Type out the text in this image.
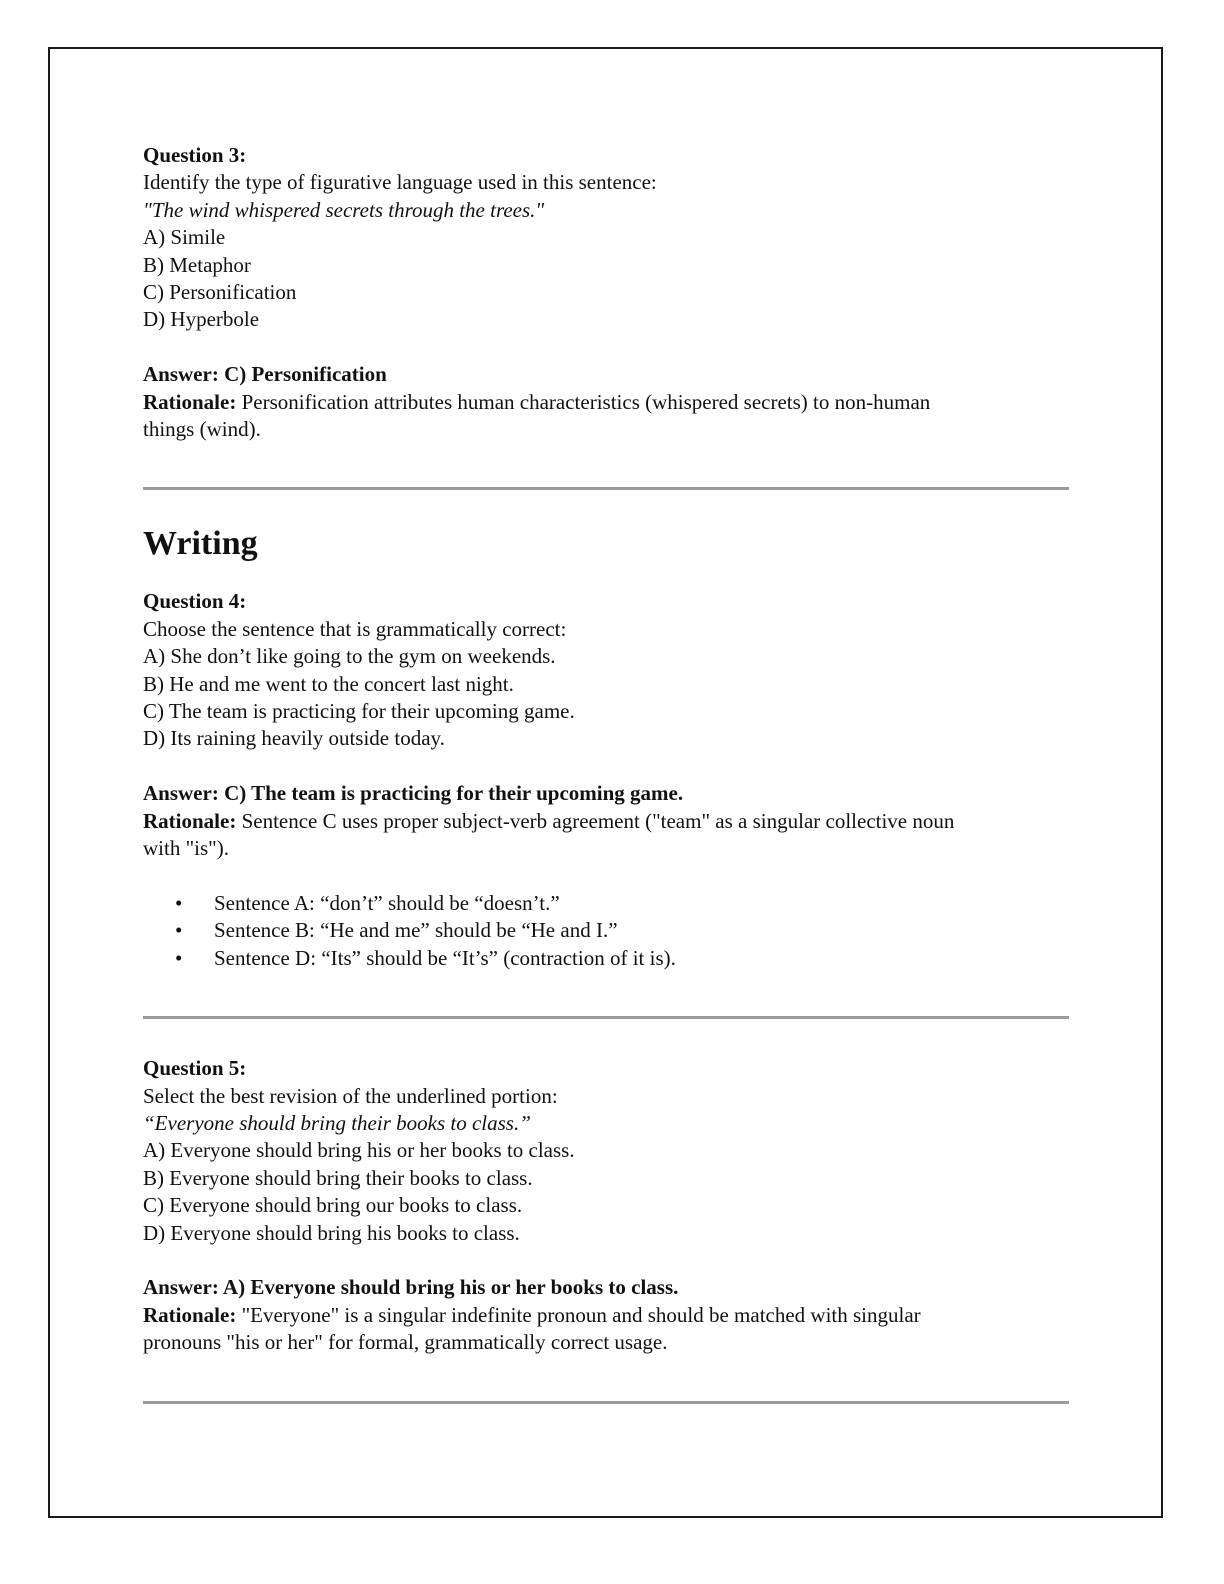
Question 3:
Identify the type of figurative language used in this sentence:
"The wind whispered secrets through the trees."
A) Simile
B) Metaphor
C) Personification
D) Hyperbole
Answer: C) Personification
Rationale: Personification attributes human characteristics (whispered secrets) to non-human
things (wind).
Writing
Question 4:
Choose the sentence that is grammatically correct:
A) She don’t like going to the gym on weekends.
B) He and me went to the concert last night.
C) The team is practicing for their upcoming game.
D) Its raining heavily outside today.
Answer: C) The team is practicing for their upcoming game.
Rationale: Sentence C uses proper subject-verb agreement ("team" as a singular collective noun
with "is").
• Sentence A: “don’t” should be “doesn’t.”
• Sentence B: “He and me” should be “He and I.”
• Sentence D: “Its” should be “It’s” (contraction of it is).
Question 5:
Select the best revision of the underlined portion:
“Everyone should bring their books to class.”
A) Everyone should bring his or her books to class.
B) Everyone should bring their books to class.
C) Everyone should bring our books to class.
D) Everyone should bring his books to class.
Answer: A) Everyone should bring his or her books to class.
Rationale: "Everyone" is a singular indefinite pronoun and should be matched with singular
pronouns "his or her" for formal, grammatically correct usage.
